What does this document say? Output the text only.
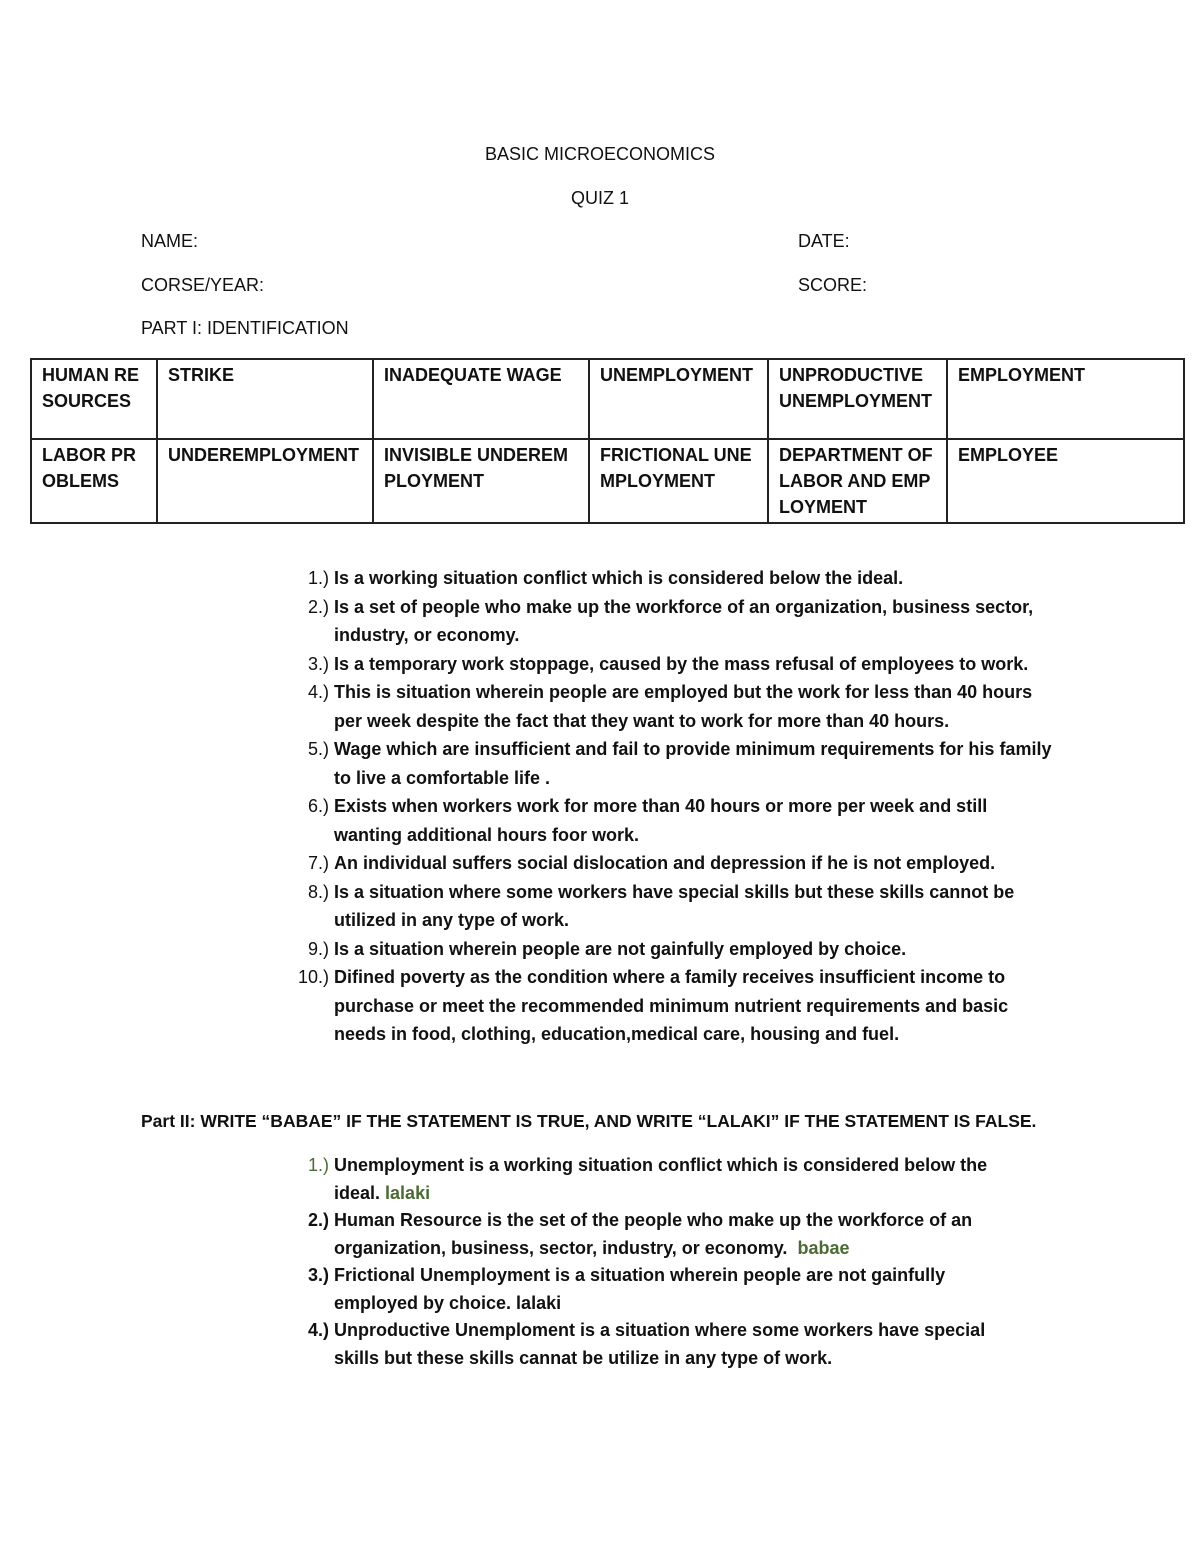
BASIC MICROECONOMICS
QUIZ 1
NAME:	DATE:
CORSE/YEAR:	SCORE:
PART I: IDENTIFICATION
HUMAN RESOURCES	STRIKE	INADEQUATE WAGE	UNEMPLOYMENT	UNPRODUCTIVE UNEMPLOYMENT	EMPLOYMENT
LABOR PROBLEMS	UNDEREMPLOYMENT	INVISIBLE UNDEREMPLOYMENT	FRICTIONAL UNEMPLOYMENT	DEPARTMENT OF LABOR AND EMPLOYMENT	EMPLOYEE
1.) Is a working situation conflict which is considered below the ideal.
2.) Is a set of people who make up the workforce of an organization, business sector, industry, or economy.
3.) Is a temporary work stoppage, caused by the mass refusal of employees to work.
4.) This is situation wherein people are employed but the work for less than 40 hours per week despite the fact that they want to work for more than 40 hours.
5.) Wage which are insufficient and fail to provide minimum requirements for his family to live a comfortable life .
6.) Exists when workers work for more than 40 hours or more per week and still wanting additional hours foor work.
7.) An individual suffers social dislocation and depression if he is not employed.
8.) Is a situation where some workers have special skills but these skills cannot be utilized in any type of work.
9.) Is a situation wherein people are not gainfully employed by choice.
10.) Difined poverty as the condition where a family receives insufficient income to purchase or meet the recommended minimum nutrient requirements and basic needs in food, clothing, education,medical care, housing and fuel.
Part II: WRITE “BABAE” IF THE STATEMENT IS TRUE, AND WRITE “LALAKI” IF THE STATEMENT IS FALSE.
1.) Unemployment is a working situation conflict which is considered below the ideal. lalaki
2.) Human Resource is the set of the people who make up the workforce of an organization, business, sector, industry, or economy. babae
3.) Frictional Unemployment is a situation wherein people are not gainfully employed by choice. lalaki
4.) Unproductive Unemploment is a situation where some workers have special skills but these skills cannat be utilize in any type of work.
